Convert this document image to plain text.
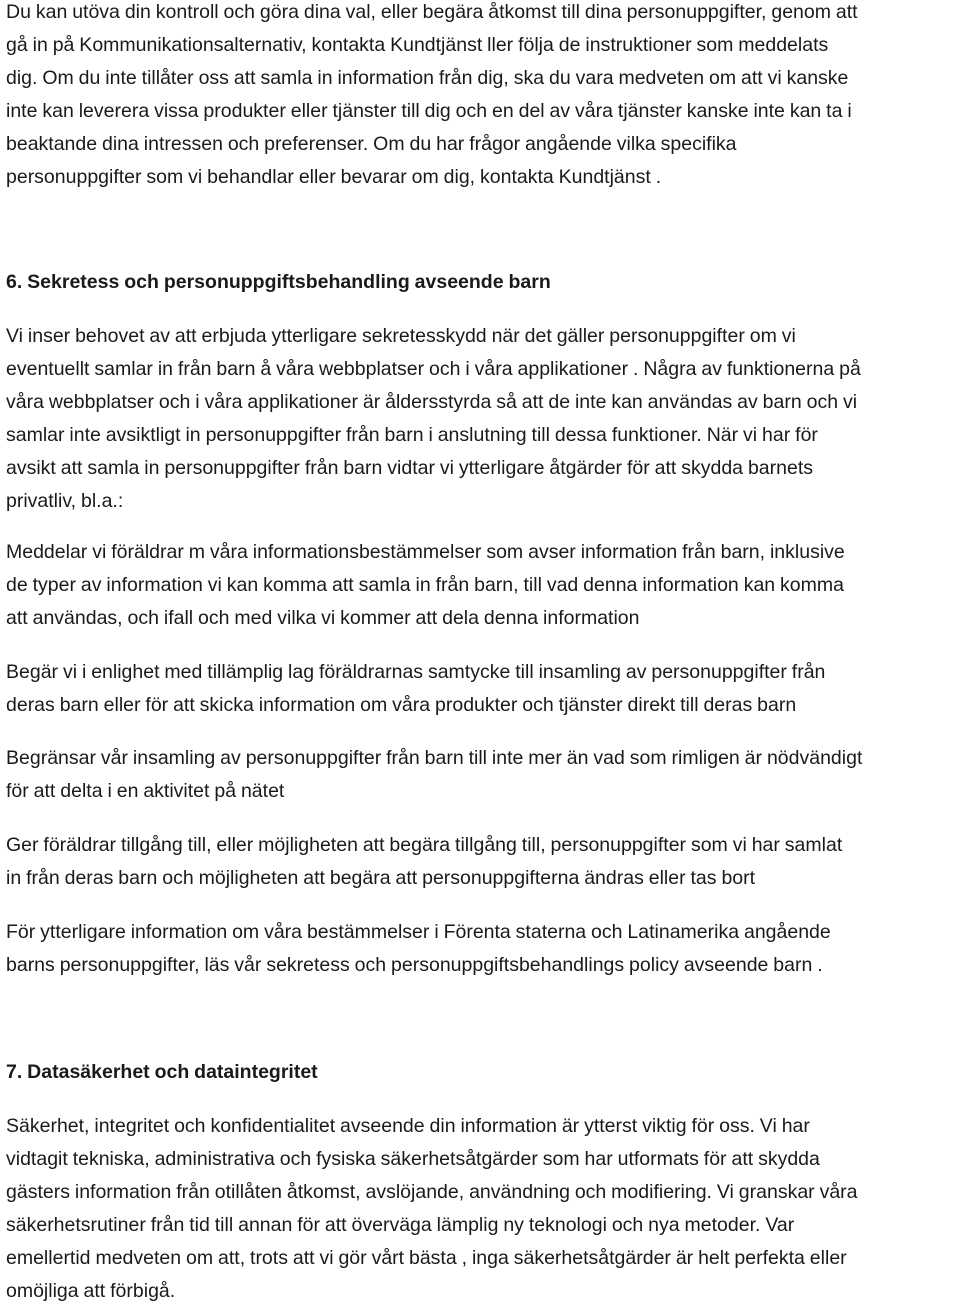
Du kan utöva din kontroll och göra dina val, eller begära åtkomst till dina personuppgifter, genom att
gå in på Kommunikationsalternativ, kontakta Kundtjänst ller följa de instruktioner som meddelats
dig. Om du inte tillåter oss att samla in information från dig, ska du vara medveten om att vi kanske
inte kan leverera vissa produkter eller tjänster till dig och en del av våra tjänster kanske inte kan ta i
beaktande dina intressen och preferenser. Om du har frågor angående vilka specifika
personuppgifter som vi behandlar eller bevarar om dig, kontakta Kundtjänst .
6. Sekretess och personuppgiftsbehandling avseende barn
Vi inser behovet av att erbjuda ytterligare sekretesskydd när det gäller personuppgifter om vi
eventuellt samlar in från barn å våra webbplatser och i våra applikationer . Några av funktionerna på
våra webbplatser och i våra applikationer är åldersstyrda så att de inte kan användas av barn och vi
samlar inte avsiktligt in personuppgifter från barn i anslutning till dessa funktioner. När vi har för
avsikt att samla in personuppgifter från barn vidtar vi ytterligare åtgärder för att skydda barnets
privatliv, bl.a.:
Meddelar vi föräldrar m våra informationsbestämmelser som avser information från barn, inklusive
de typer av information vi kan komma att samla in från barn, till vad denna information kan komma
att användas, och ifall och med vilka vi kommer att dela denna information
Begär vi i enlighet med tillämplig lag föräldrarnas samtycke till insamling av personuppgifter från
deras barn eller för att skicka information om våra produkter och tjänster direkt till deras barn
Begränsar vår insamling av personuppgifter från barn till inte mer än vad som rimligen är nödvändigt
för att delta i en aktivitet på nätet
Ger föräldrar tillgång till, eller möjligheten att begära tillgång till, personuppgifter som vi har samlat
in från deras barn och möjligheten att begära att personuppgifterna ändras eller tas bort
För ytterligare information om våra bestämmelser i Förenta staterna och Latinamerika angående
barns personuppgifter, läs vår sekretess och personuppgiftsbehandlings policy avseende barn .
7. Datasäkerhet och dataintegritet
Säkerhet, integritet och konfidentialitet avseende din information är ytterst viktig för oss. Vi har
vidtagit tekniska, administrativa och fysiska säkerhetsåtgärder som har utformats för att skydda
gästers information från otillåten åtkomst, avslöjande, användning och modifiering. Vi granskar våra
säkerhetsrutiner från tid till annan för att överväga lämplig ny teknologi och nya metoder. Var
emellertid medveten om att, trots att vi gör vårt bästa , inga säkerhetsåtgärder är helt perfekta eller
omöjliga att förbigå.
